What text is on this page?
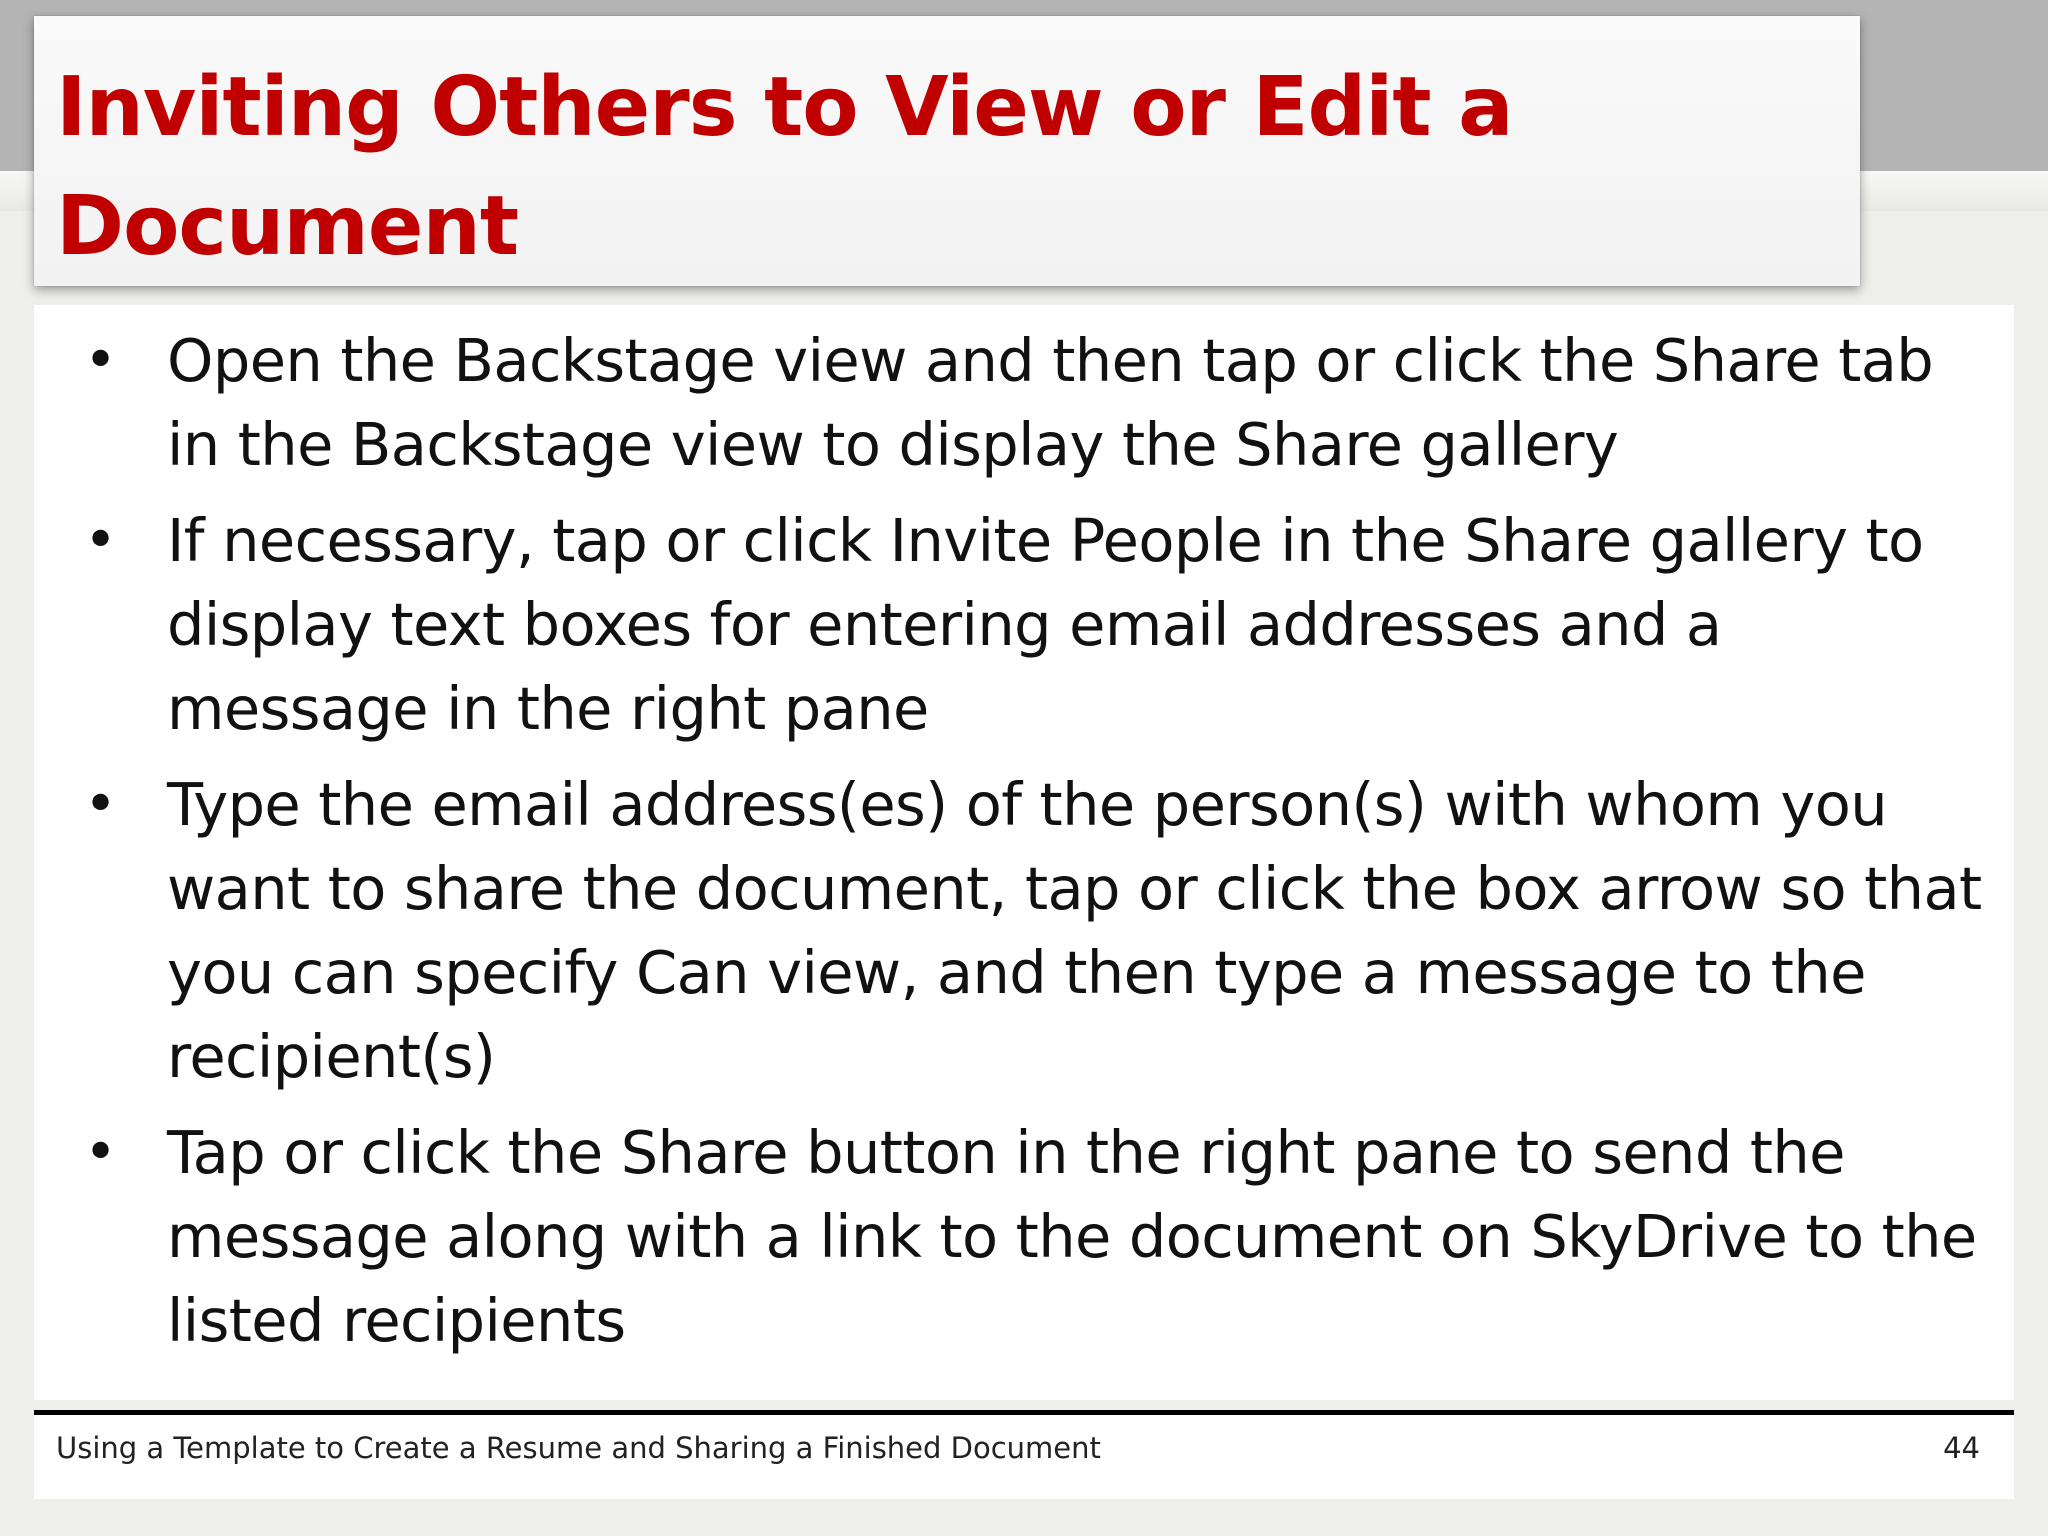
Inviting Others to View or Edit a Document
• Open the Backstage view and then tap or click the Share tab in the Backstage view to display the Share gallery
• If necessary, tap or click Invite People in the Share gallery to display text boxes for entering email addresses and a message in the right pane
• Type the email address(es) of the person(s) with whom you want to share the document, tap or click the box arrow so that you can specify Can view, and then type a message to the recipient(s)
• Tap or click the Share button in the right pane to send the message along with a link to the document on SkyDrive to the listed recipients
Using a Template to Create a Resume and Sharing a Finished Document	44
